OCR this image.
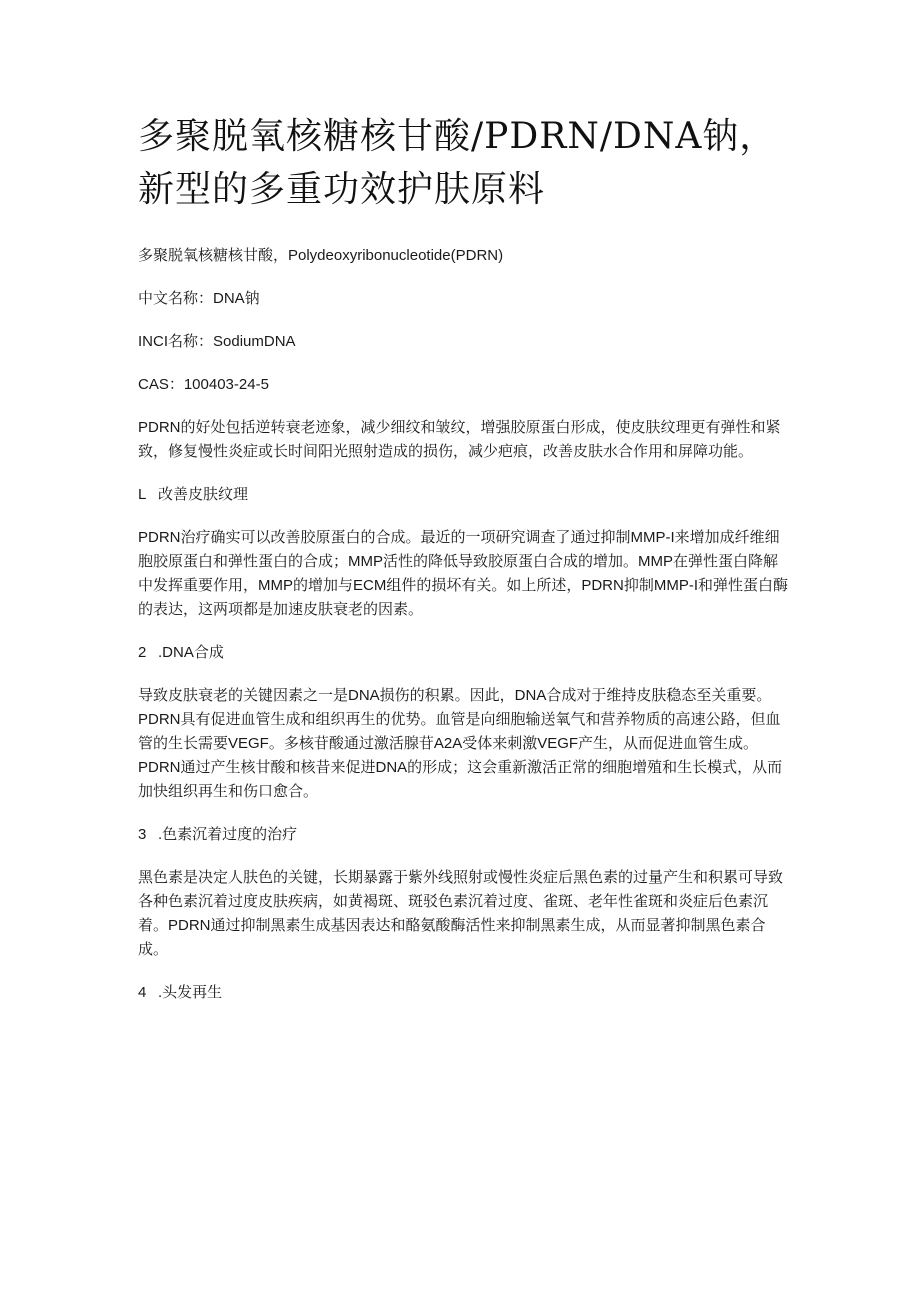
多聚脱氧核糖核甘酸/PDRN/DNA钠，新型的多重功效护肤原料

多聚脱氧核糖核甘酸，Polydeoxyribonucleotide(PDRN)

中文名称：DNA钠

INCI名称：SodiumDNA

CAS：100403-24-5

PDRN的好处包括逆转衰老迹象，减少细纹和皱纹，增强胶原蛋白形成，使皮肤纹理更有弹性和紧致，修复慢性炎症或长时间阳光照射造成的损伤，减少疤痕，改善皮肤水合作用和屏障功能。

L 改善皮肤纹理

PDRN治疗确实可以改善胶原蛋白的合成。最近的一项研究调查了通过抑制MMP-I来增加成纤维细胞胶原蛋白和弹性蛋白的合成；MMP活性的降低导致胶原蛋白合成的增加。MMP在弹性蛋白降解中发挥重要作用，MMP的增加与ECM组件的损坏有关。如上所述，PDRN抑制MMP-I和弹性蛋白酶的表达，这两项都是加速皮肤衰老的因素。

2 .DNA合成

导致皮肤衰老的关键因素之一是DNA损伤的积累。因此，DNA合成对于维持皮肤稳态至关重要。PDRN具有促进血管生成和组织再生的优势。血管是向细胞输送氧气和营养物质的高速公路，但血管的生长需要VEGF。多核苷酸通过激活腺苷A2A受体来刺激VEGF产生，从而促进血管生成。PDRN通过产生核甘酸和核昔来促进DNA的形成；这会重新激活正常的细胞增殖和生长模式，从而加快组织再生和伤口愈合。

3 .色素沉着过度的治疗

黑色素是决定人肤色的关键，长期暴露于紫外线照射或慢性炎症后黑色素的过量产生和积累可导致各种色素沉着过度皮肤疾病，如黄褐斑、斑驳色素沉着过度、雀斑、老年性雀斑和炎症后色素沉着。PDRN通过抑制黑素生成基因表达和酪氨酸酶活性来抑制黑素生成，从而显著抑制黑色素合成。

4 .头发再生
